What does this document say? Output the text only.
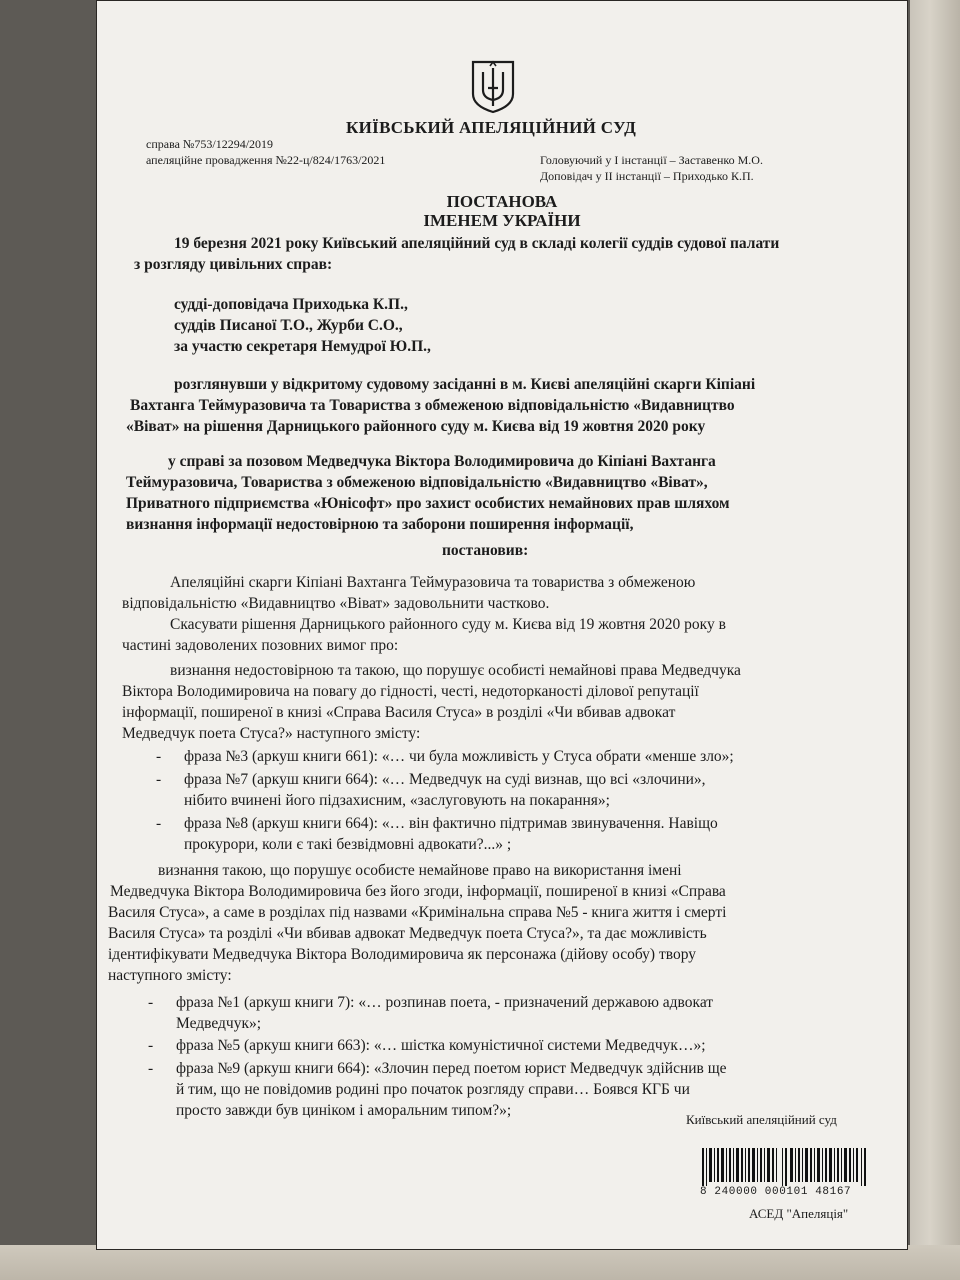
КИЇВСЬКИЙ АПЕЛЯЦІЙНИЙ СУД
справа №753/12294/2019
апеляційне провадження №22-ц/824/1763/2021	Головуючий у І інстанції – Заставенко М.О.
Доповідач у ІІ інстанції – Приходько К.П.
ПОСТАНОВА
ІМЕНЕМ УКРАЇНИ
19 березня 2021 року Київський апеляційний суд в складі колегії суддів судової палати
з розгляду цивільних справ:
судді-доповідача Приходька К.П.,
суддів Писаної Т.О., Журби С.О.,
за участю секретаря Немудрої Ю.П.,
розглянувши у відкритому судовому засіданні в м. Києві апеляційні скарги Кіпіані
Вахтанга Теймуразовича та Товариства з обмеженою відповідальністю «Видавництво
«Віват» на рішення Дарницького районного суду м. Києва від 19 жовтня 2020 року
у справі за позовом Медведчука Віктора Володимировича до Кіпіані Вахтанга
Теймуразовича, Товариства з обмеженою відповідальністю «Видавництво «Віват»,
Приватного підприємства «Юнісофт» про захист особистих немайнових прав шляхом
визнання інформації недостовірною та заборони поширення інформації,
постановив:
Апеляційні скарги Кіпіані Вахтанга Теймуразовича та товариства з обмеженою
відповідальністю «Видавництво «Віват» задовольнити частково.
Скасувати рішення Дарницького районного суду м. Києва від 19 жовтня 2020 року в
частині задоволених позовних вимог про:
визнання недостовірною та такою, що порушує особисті немайнові права Медведчука
Віктора Володимировича на повагу до гідності, честі, недоторканості ділової репутації
інформації, поширеної в книзі «Справа Василя Стуса» в розділі «Чи вбивав адвокат
Медведчук поета Стуса?» наступного змісту:
- фраза №3 (аркуш книги 661): «… чи була можливість у Стуса обрати «менше зло»;
- фраза №7 (аркуш книги 664): «… Медведчук на суді визнав, що всі «злочини»,
нібито вчинені його підзахисним, «заслуговують на покарання»;
- фраза №8 (аркуш книги 664): «… він фактично підтримав звинувачення. Навіщо
прокурори, коли є такі безвідмовні адвокати?...» ;
визнання такою, що порушує особисте немайнове право на використання імені
Медведчука Віктора Володимировича без його згоди, інформації, поширеної в книзі «Справа
Василя Стуса», а саме в розділах під назвами «Кримінальна справа №5 - книга життя і смерті
Василя Стуса» та розділі «Чи вбивав адвокат Медведчук поета Стуса?», та дає можливість
ідентифікувати Медведчука Віктора Володимировича як персонажа (дійову особу) твору
наступного змісту:
- фраза №1 (аркуш книги 7): «… розпинав поета, - призначений державою адвокат
Медведчук»;
- фраза №5 (аркуш книги 663): «… шістка комуністичної системи Медведчук…»;
- фраза №9 (аркуш книги 664): «Злочин перед поетом юрист Медведчук здійснив ще
й тим, що не повідомив родині про початок розгляду справи… Боявся КГБ чи
просто завжди був циніком і аморальним типом?»;
Київський апеляційний суд
8 240000 000101 48167
АСЕД "Апеляція"
